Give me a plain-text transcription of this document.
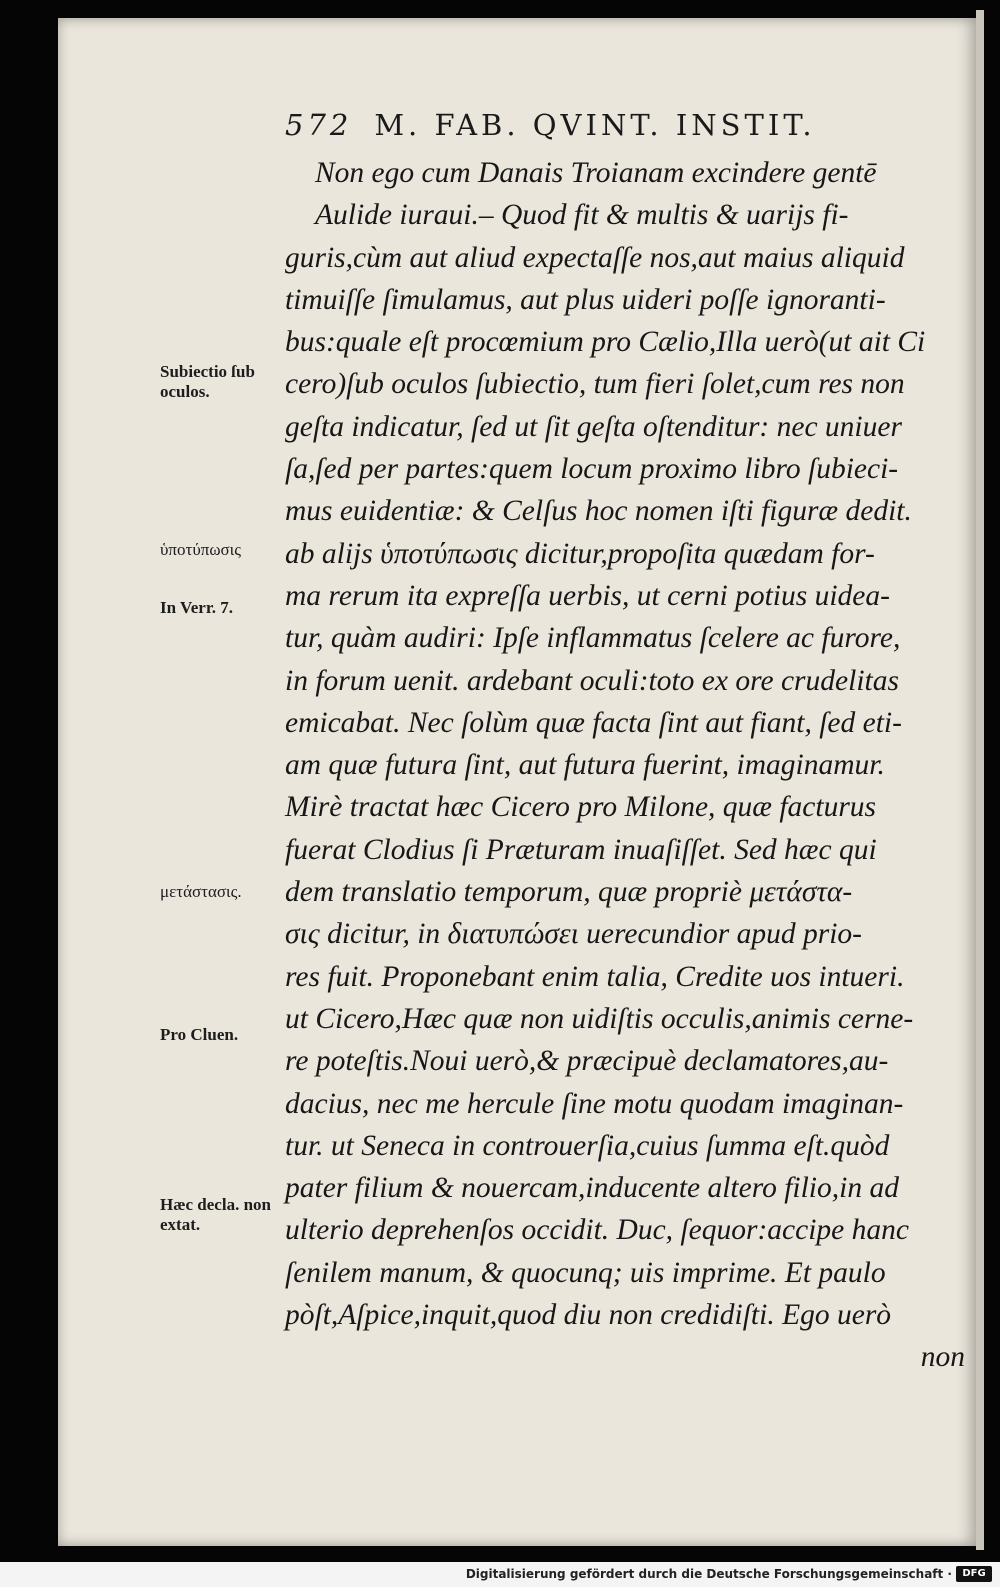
572 M. FAB. QVINT. INSTIT.
Non ego cum Danais Troianam excindere gentē
Aulide iuraui.– Quod fit & multis & uarijs fi-
guris,cùm aut aliud expectaſſe nos,aut maius aliquid
timuiſſe ſimulamus, aut plus uideri poſſe ignoranti-
bus:quale eſt procœmium pro Cælio,Illa uerò(ut ait Ci
cero)ſub oculos ſubiectio, tum fieri ſolet,cum res non
geſta indicatur, ſed ut ſit geſta oſtenditur: nec uniuer
ſa,ſed per partes:quem locum proximo libro ſubieci-
mus euidentiæ: & Celſus hoc nomen iſti figuræ dedit.
ab alijs ὑποτύπωσις dicitur,propoſita quædam for-
ma rerum ita expreſſa uerbis, ut cerni potius uidea-
tur, quàm audiri: Ipſe inflammatus ſcelere ac furore,
in forum uenit. ardebant oculi:toto ex ore crudelitas
emicabat. Nec ſolùm quæ facta ſint aut fiant, ſed eti-
am quæ futura ſint, aut futura fuerint, imaginamur.
Mirè tractat hæc Cicero pro Milone, quæ facturus
fuerat Clodius ſi Præturam inuaſiſſet. Sed hæc qui
dem translatio temporum, quæ propriè μετάστα-
σις dicitur, in διατυπώσει uerecundior apud prio-
res fuit. Proponebant enim talia, Credite uos intueri.
ut Cicero,Hæc quæ non uidiſtis occulis,animis cerne-
re poteſtis.Noui uerò,& præcipuè declamatores,au-
dacius, nec me hercule ſine motu quodam imaginan-
tur. ut Seneca in controuerſia,cuius ſumma eſt.quòd
pater filium & nouercam,inducente altero filio,in ad
ulterio deprehenſos occidit. Duc, ſequor:accipe hanc
ſenilem manum, & quocunq; uis imprime. Et paulo
pòſt,Aſpice,inquit,quod diu non credidiſti. Ego uerò
non
Subiectio ſub oculos.
ὑποτύπωσις
In Verr. 7.
μετάστασις.
Pro Cluen.
Hæc decla. non extat.
Digitalisierung gefördert durch die Deutsche Forschungsgemeinschaft ·	DFG
